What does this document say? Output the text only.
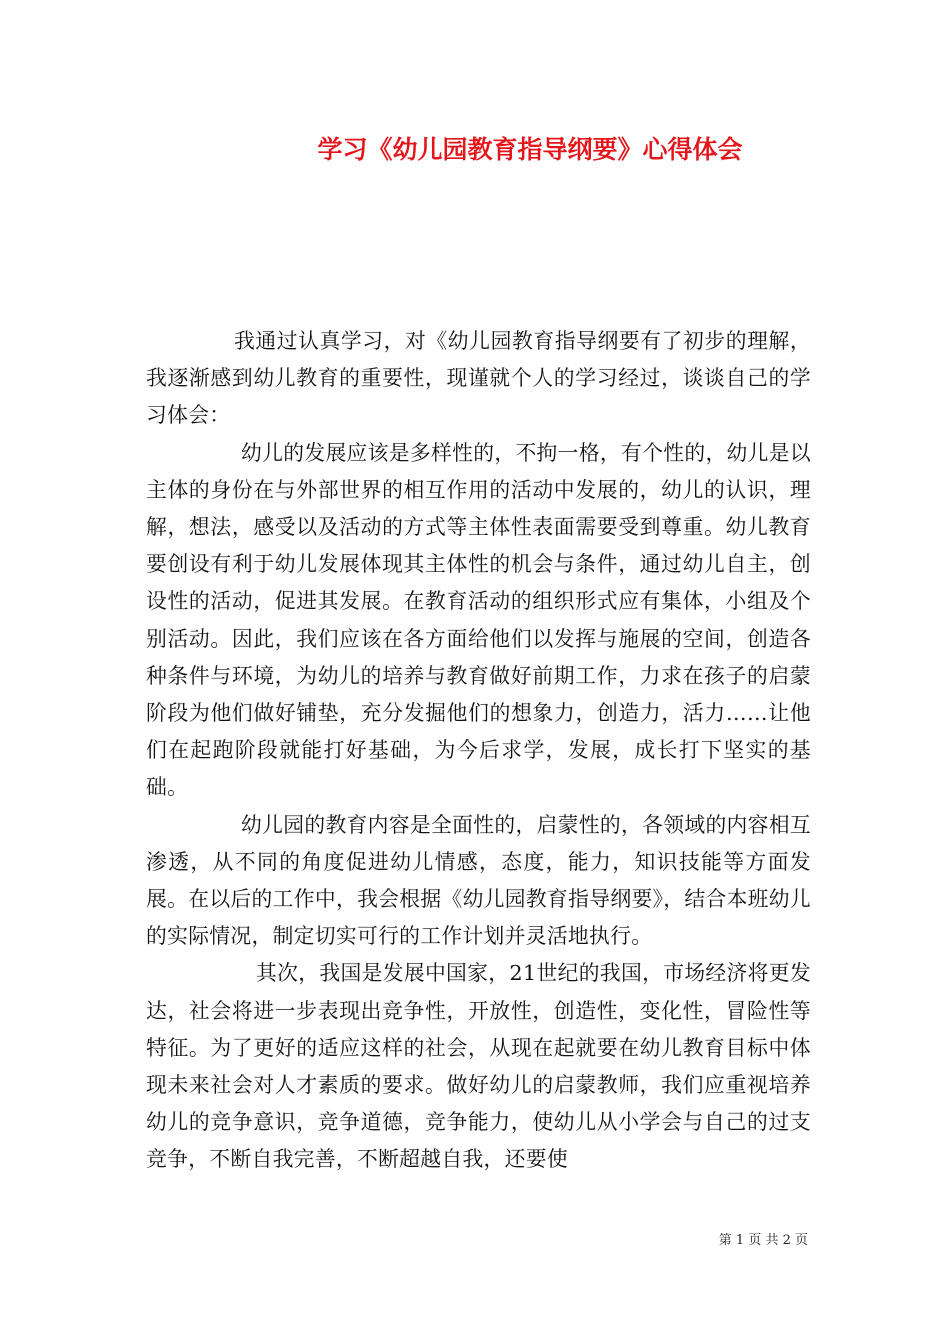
学习《幼儿园教育指导纲要》心得体会

我通过认真学习，对《幼儿园教育指导纲要有了初步的理解，我逐渐感到幼儿教育的重要性，现谨就个人的学习经过，谈谈自己的学习体会：

幼儿的发展应该是多样性的，不拘一格，有个性的，幼儿是以主体的身份在与外部世界的相互作用的活动中发展的，幼儿的认识，理解，想法，感受以及活动的方式等主体性表面需要受到尊重。幼儿教育要创设有利于幼儿发展体现其主体性的机会与条件，通过幼儿自主，创设性的活动，促进其发展。在教育活动的组织形式应有集体，小组及个别活动。因此，我们应该在各方面给他们以发挥与施展的空间，创造各种条件与环境，为幼儿的培养与教育做好前期工作，力求在孩子的启蒙阶段为他们做好铺垫，充分发掘他们的想象力，创造力，活力……让他们在起跑阶段就能打好基础，为今后求学，发展，成长打下坚实的基础。

幼儿园的教育内容是全面性的，启蒙性的，各领域的内容相互渗透，从不同的角度促进幼儿情感，态度，能力，知识技能等方面发展。在以后的工作中，我会根据《幼儿园教育指导纲要》，结合本班幼儿的实际情况，制定切实可行的工作计划并灵活地执行。

其次，我国是发展中国家，21世纪的我国，市场经济将更发达，社会将进一步表现出竞争性，开放性，创造性，变化性，冒险性等特征。为了更好的适应这样的社会，从现在起就要在幼儿教育目标中体现未来社会对人才素质的要求。做好幼儿的启蒙教师，我们应重视培养幼儿的竞争意识，竞争道德，竞争能力，使幼儿从小学会与自己的过支竞争，不断自我完善，不断超越自我，还要使

第 1 页 共 2 页
